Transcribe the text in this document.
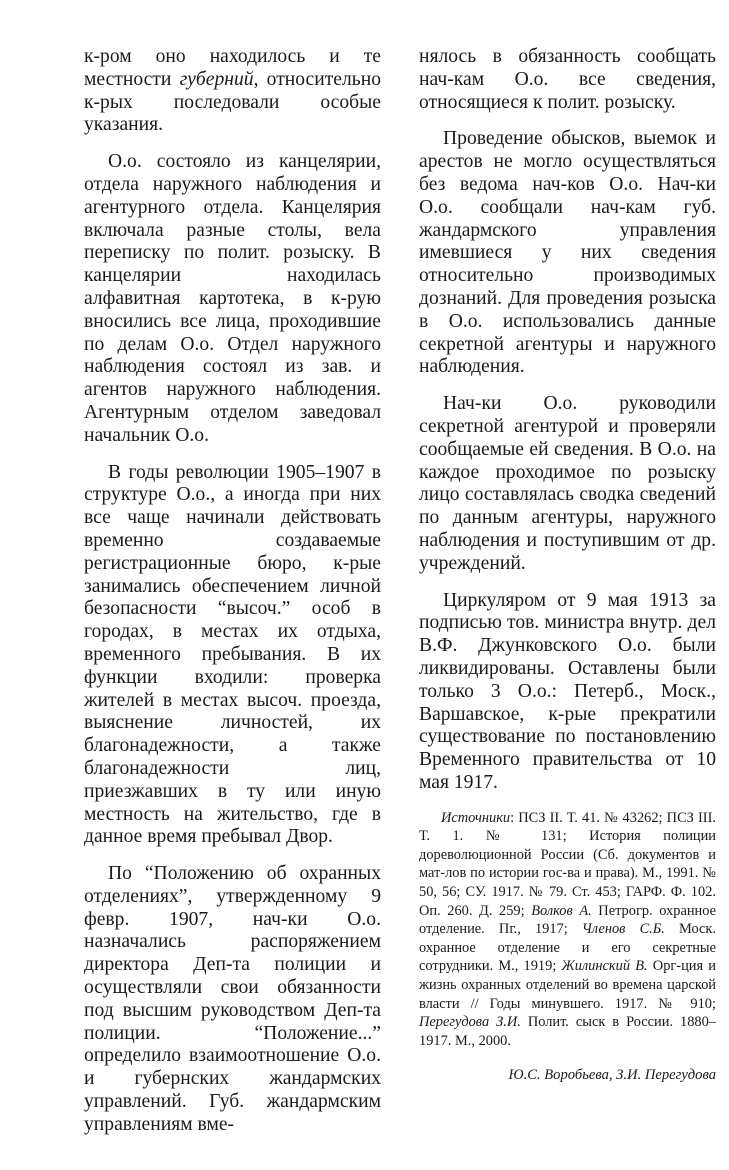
к-ром оно находилось и те местности губерний, относительно к-рых последовали особые указания.

О.о. состояло из канцелярии, отдела наружного наблюдения и агентурного отдела. Канцелярия включала разные столы, вела переписку по полит. розыску. В канцелярии находилась алфавитная картотека, в к-рую вносились все лица, проходившие по делам О.о. Отдел наружного наблюдения состоял из зав. и агентов наружного наблюдения. Агентурным отделом заведовал начальник О.о.

В годы революции 1905–1907 в структуре О.о., а иногда при них все чаще начинали действовать временно создаваемые регистрационные бюро, к-рые занимались обеспечением личной безопасности “высоч.” особ в городах, в местах их отдыха, временного пребывания. В их функции входили: проверка жителей в местах высоч. проезда, выяснение личностей, их благонадежности, а также благонадежности лиц, приезжавших в ту или иную местность на жительство, где в данное время пребывал Двор.

По “Положению об охранных отделениях”, утвержденному 9 февр. 1907, нач-ки О.о. назначались распоряжением директора Деп-та полиции и осуществляли свои обязанности под высшим руководством Деп-та полиции. “Положение...” определило взаимоотношение О.о. и губернских жандармских управлений. Губ. жандармским управлениям вме-

нялось в обязанность сообщать нач-кам О.о. все сведения, относящиеся к полит. розыску.

Проведение обысков, выемок и арестов не могло осуществляться без ведома нач-ков О.о. Нач-ки О.о. сообщали нач-кам губ. жандармского управления имевшиеся у них сведения относительно производимых дознаний. Для проведения розыска в О.о. использовались данные секретной агентуры и наружного наблюдения.

Нач-ки О.о. руководили секретной агентурой и проверяли сообщаемые ей сведения. В О.о. на каждое проходимое по розыску лицо составлялась сводка сведений по данным агентуры, наружного наблюдения и поступившим от др. учреждений.

Циркуляром от 9 мая 1913 за подписью тов. министра внутр. дел В.Ф. Джунковского О.о. были ликвидированы. Оставлены были только 3 О.о.: Петерб., Моск., Варшавское, к-рые прекратили существование по постановлению Временного правительства от 10 мая 1917.

Источники: ПСЗ II. Т. 41. № 43262; ПСЗ III. Т. 1. № 131; История полиции дореволюционной России (Сб. документов и мат-лов по истории гос-ва и права). М., 1991. № 50, 56; СУ. 1917. № 79. Ст. 453; ГАРФ. Ф. 102. Оп. 260. Д. 259; Волков А. Петрогр. охранное отделение. Пг., 1917; Членов С.Б. Моск. охранное отделение и его секретные сотрудники. М., 1919; Жилинский В. Орг-ция и жизнь охранных отделений во времена царской власти // Годы минувшего. 1917. № 910; Перегудова З.И. Полит. сыск в России. 1880–1917. М., 2000.
Ю.С. Воробьева, З.И. Перегудова
